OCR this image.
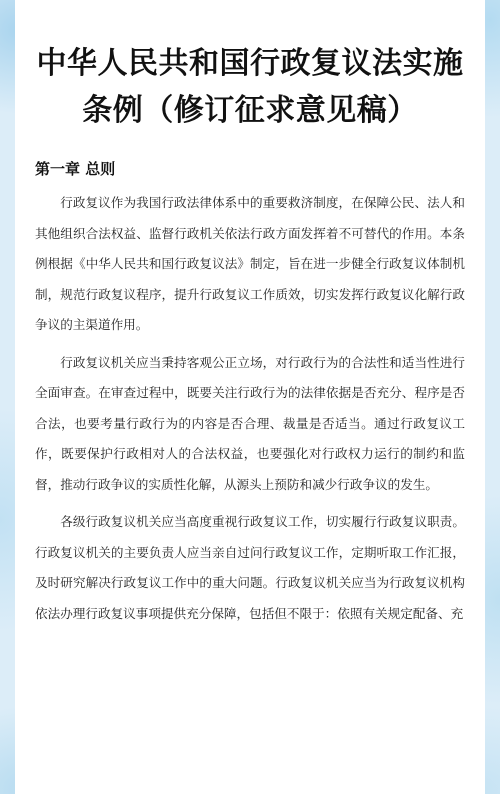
中华人民共和国行政复议法实施条例（修订征求意见稿）
第一章 总则

行政复议作为我国行政法律体系中的重要救济制度，在保障公民、法人和其他组织合法权益、监督行政机关依法行政方面发挥着不可替代的作用。本条例根据《中华人民共和国行政复议法》制定，旨在进一步健全行政复议体制机制，规范行政复议程序，提升行政复议工作质效，切实发挥行政复议化解行政争议的主渠道作用。

行政复议机关应当秉持客观公正立场，对行政行为的合法性和适当性进行全面审查。在审查过程中，既要关注行政行为的法律依据是否充分、程序是否合法，也要考量行政行为的内容是否合理、裁量是否适当。通过行政复议工作，既要保护行政相对人的合法权益，也要强化对行政权力运行的制约和监督，推动行政争议的实质性化解，从源头上预防和减少行政争议的发生。

各级行政复议机关应当高度重视行政复议工作，切实履行行政复议职责。行政复议机关的主要负责人应当亲自过问行政复议工作，定期听取工作汇报，及时研究解决行政复议工作中的重大问题。行政复议机关应当为行政复议机构依法办理行政复议事项提供充分保障，包括但不限于：依照有关规定配备、充
